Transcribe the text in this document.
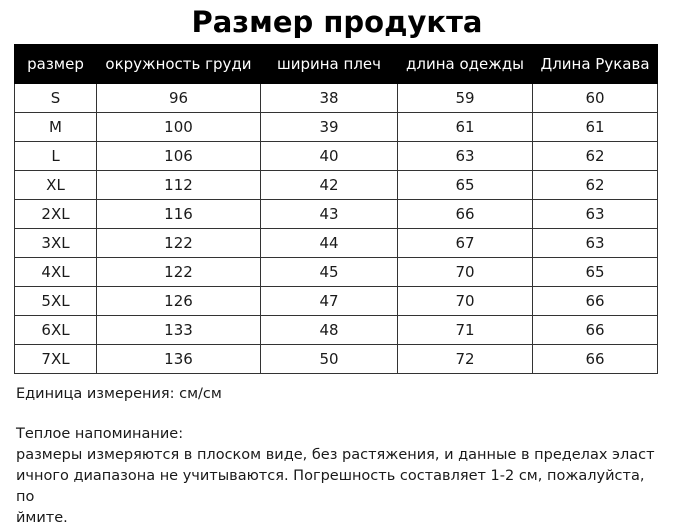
Размер продукта
размер	окружность груди	ширина плеч	длина одежды	Длина Рукава
S	96	38	59	60
M	100	39	61	61
L	106	40	63	62
XL	112	42	65	62
2XL	116	43	66	63
3XL	122	44	67	63
4XL	122	45	70	65
5XL	126	47	70	66
6XL	133	48	71	66
7XL	136	50	72	66

Единица измерения: см/см

Теплое напоминание:

размеры измеряются в плоском виде, без растяжения, и данные в пределах эласт
ичного диапазона не учитываются. Погрешность составляет 1-2 см, пожалуйста, по
ймите.
